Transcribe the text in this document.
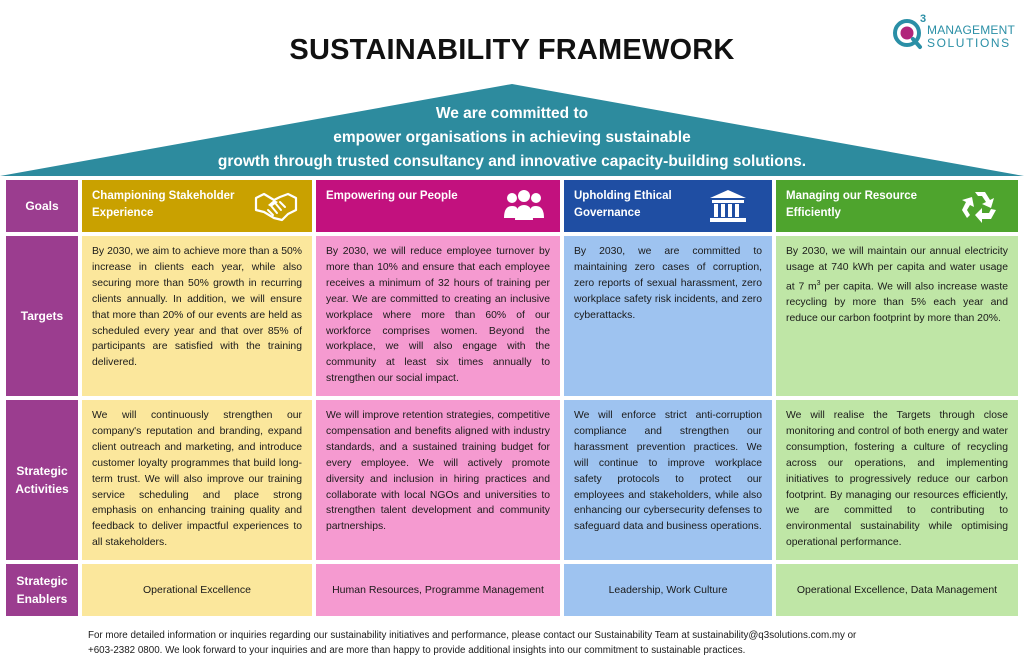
SUSTAINABILITY FRAMEWORK
3
MANAGEMENT
SOLUTIONS
We are committed to
empower organisations in achieving sustainable
growth through trusted consultancy and innovative capacity-building solutions.
Goals
Targets
Strategic
Activities
Strategic
Enablers
Championing Stakeholder Experience
By 2030, we aim to achieve more than a 50% increase in clients each year, while also securing more than 50% growth in recurring clients annually. In addition, we will ensure that more than 20% of our events are held as scheduled every year and that over 85% of participants are satisfied with the training delivered.
We will continuously strengthen our company's reputation and branding, expand client outreach and marketing, and introduce customer loyalty programmes that build long-term trust. We will also improve our training service scheduling and place strong emphasis on enhancing training quality and feedback to deliver impactful experiences to all stakeholders.
Operational Excellence
Empowering our People
By 2030, we will reduce employee turnover by more than 10% and ensure that each employee receives a minimum of 32 hours of training per year. We are committed to creating an inclusive workplace where more than 60% of our workforce comprises women. Beyond the workplace, we will also engage with the community at least six times annually to strengthen our social impact.
We will improve retention strategies, competitive compensation and benefits aligned with industry standards, and a sustained training budget for every employee. We will actively promote diversity and inclusion in hiring practices and collaborate with local NGOs and universities to strengthen talent development and community partnerships.
Human Resources, Programme Management
Upholding Ethical Governance
By 2030, we are committed to maintaining zero cases of corruption, zero reports of sexual harassment, zero workplace safety risk incidents, and zero cyberattacks.
We will enforce strict anti-corruption compliance and strengthen our harassment prevention practices. We will continue to improve workplace safety protocols to protect our employees and stakeholders, while also enhancing our cybersecurity defenses to safeguard data and business operations.
Leadership, Work Culture
Managing our Resource Efficiently
By 2030, we will maintain our annual electricity usage at 740 kWh per capita and water usage at 7 $m^3$ per capita. We will also increase waste recycling by more than 5% each year and reduce our carbon footprint by more than 20%.
We will realise the Targets through close monitoring and control of both energy and water consumption, fostering a culture of recycling across our operations, and implementing initiatives to progressively reduce our carbon footprint. By managing our resources efficiently, we are committed to contributing to environmental sustainability while optimising operational performance.
Operational Excellence, Data Management
For more detailed information or inquiries regarding our sustainability initiatives and performance, please contact our Sustainability Team at sustainability@q3solutions.com.my or
+603-2382 0800. We look forward to your inquiries and are more than happy to provide additional insights into our commitment to sustainable practices.
